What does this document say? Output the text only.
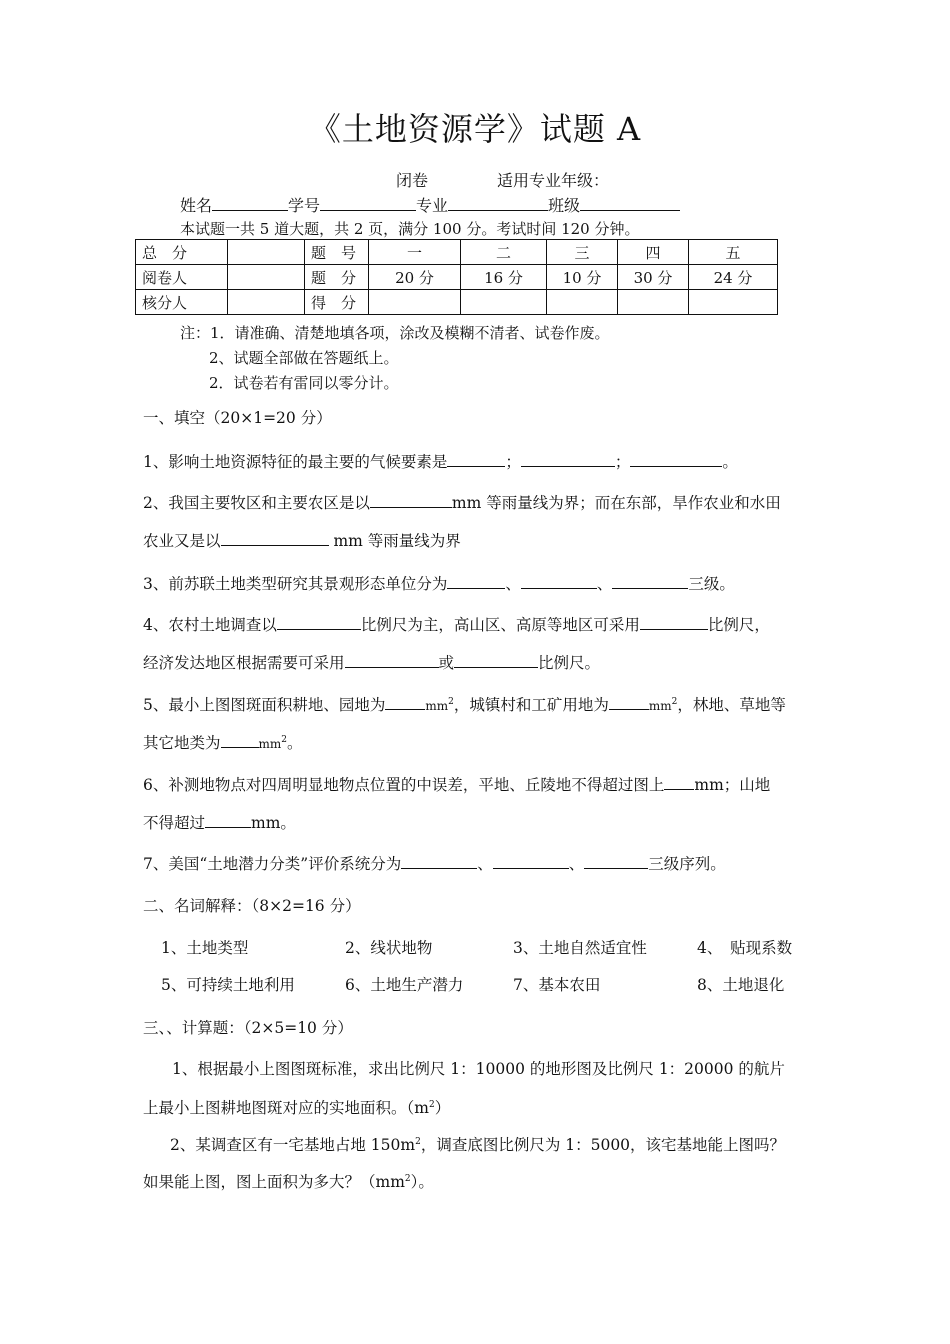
《土地资源学》试题 A
闭卷	适用专业年级：
姓名	学号	专业	班级
本试题一共 5 道大题，共 2 页，满分 100 分。考试时间 120 分钟。
总　分		题　号	一	二	三	四	五
阅卷人		题　分	20 分	16 分	10 分	30 分	24 分
核分人		得　分					
注：1．请准确、清楚地填各项，涂改及模糊不清者、试卷作废。
2、试题全部做在答题纸上。
2．试卷若有雷同以零分计。
一、填空（20×1=20 分）
1、影响土地资源特征的最主要的气候要素是	；	；	。
2、我国主要牧区和主要农区是以	mm 等雨量线为界；而在东部，旱作农业和水田
农业又是以	mm 等雨量线为界
3、前苏联土地类型研究其景观形态单位分为	、	、	三级。
4、农村土地调查以	比例尺为主，高山区、高原等地区可采用	比例尺，
经济发达地区根据需要可采用	或	比例尺。
5、最小上图图斑面积耕地、园地为	$mm^2$，城镇村和工矿用地为	$mm^2$，林地、草地等
其它地类为	$mm^2$。
6、补测地物点对四周明显地物点位置的中误差，平地、丘陵地不得超过图上 mm；山地
不得超过	mm。
7、美国“土地潜力分类”评价系统分为	、	、	三级序列。
二、名词解释：（8×2=16 分）
1、土地类型	2、线状地物	3、土地自然适宜性	4、　贴现系数
5、可持续土地利用	6、土地生产潜力	7、基本农田	8、土地退化
三、、计算题：（2×5=10 分）
1、根据最小上图图斑标准，求出比例尺 1：10000 的地形图及比例尺 1：20000 的航片
上最小上图耕地图斑对应的实地面积。$(m^2)$
2、某调查区有一宅基地占地 $150m^2$，调查底图比例尺为 1：5000，该宅基地能上图吗？
如果能上图，图上面积为多大？$(mm^2)$。
